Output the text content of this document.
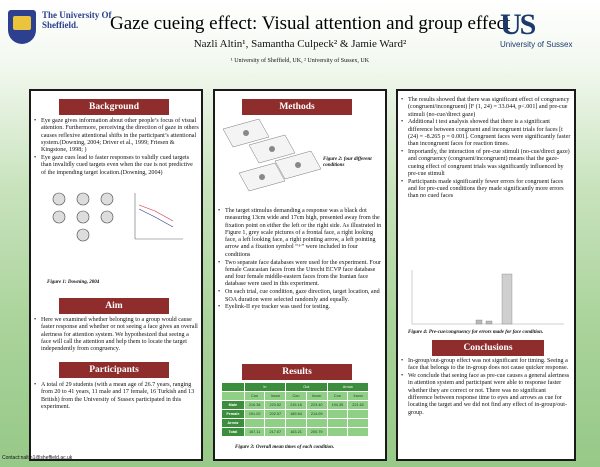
The University Of Sheffield.	Gaze cueing effect: Visual attention and group effect
Nazli Altin¹, Samantha Culpeck² & Jamie Ward²
¹ University of Sheffield, UK, ² University of Sussex, UK
US
University of Sussex
Background
• Eye gaze gives information about other people’s focus of visual attention. Furthermore, perceiving the direction of gaze in others causes reflexive attentional shifts in the participant’s attentional system.(Downing, 2004; Driver et al., 1999; Friesen & Kingstone, 1998; )
• Eye gaze cues lead to faster responses to validly cued targets than invalidly cued targets even when the cue is not predictive of the impending target location.(Downing, 2004)
Figure 1: Downing, 2004
Aim
• Here we examined whether belonging to a group would cause faster response and whether or not seeing a face gives an overall alertness for attention system. We hypothesized that seeing a face will call the attention and help them to locate the target independently from congruency.
Participants
• A total of 29 students (with a mean age of 26.7 years, ranging from 20 to 41 years, 11 male and 17 female, 16 Turkish and 13 British) from the University of Sussex participated in this experiment.
Contact:naltin1@sheffield.ac.uk
Methods
Figure 2: four different conditions
• The target stimulus demanding a response was a black dot measuring 13cm wide and 17cm high, presented away from the fixation point on either the left or the right side. As illustrated in Figure 1, grey scale pictures of a frontal face, a right looking face, a left looking face, a right pointing arrow, a left pointing arrow and a fixation symbol “+” were included in four conditions
• Two separate face databases were used for the experiment. Four female Caucasian faces from the Utrecht ECVP face database and four female middle-eastern faces from the Iranian face database were used in this experiment.
• On each trial, cue condition, gaze direction, target location, and SOA duration were selected randomly and equally.
• Eyelink-II eye tracker was used for testing.
Results
	In		Out		Arrow	
	Con	Incon	Con	Incon	Con	Incon
Male	216.36	220.52	215.16	223.40	194.35	221.62
Female	191.02	202.57	189.64	214.09		
Arrow						
Total	167.11	217.67	163.21	200.79		
Figure 3: Overall mean times of each condition.
• The results showed that there was significant effect of congruency (congruent/incongruent) [F (1, 24) = 33.044, p<.001] and pre-cue stimuli (no-cue/direct gaze)
• Additional t test analysis showed that there is a significant difference between congruent and incongruent trials for faces [t (24) = -8.265 p = 0.001]. Congruent faces were significantly faster than incongruent faces for reaction times.
• Importantly, the interaction of pre-cue stimuli (no-cue/direct gaze) and congruency (congruent/incongruent) means that the gaze-cueing effect of congruent trials was significantly influenced by pre-cue stimuli
• Participants made significantly fewer errors for congruent faces and for pre-cued conditions they made significantly more errors than no cued faces
Figure 4: Pre-cue/congruency for errors made for face condition.
Conclusions
• In-group/out-group effect was not significant for timing. Seeing a face that belongs to the in-group does not cause quicker response.
• We conclude that seeing face as pre-cue causes a general alertness in attention system and participant were able to response faster whether they are correct or not. There was no significant difference between response time to eyes and arrows as cue for locating the target and we did not find any effect of in-group/out-group.
